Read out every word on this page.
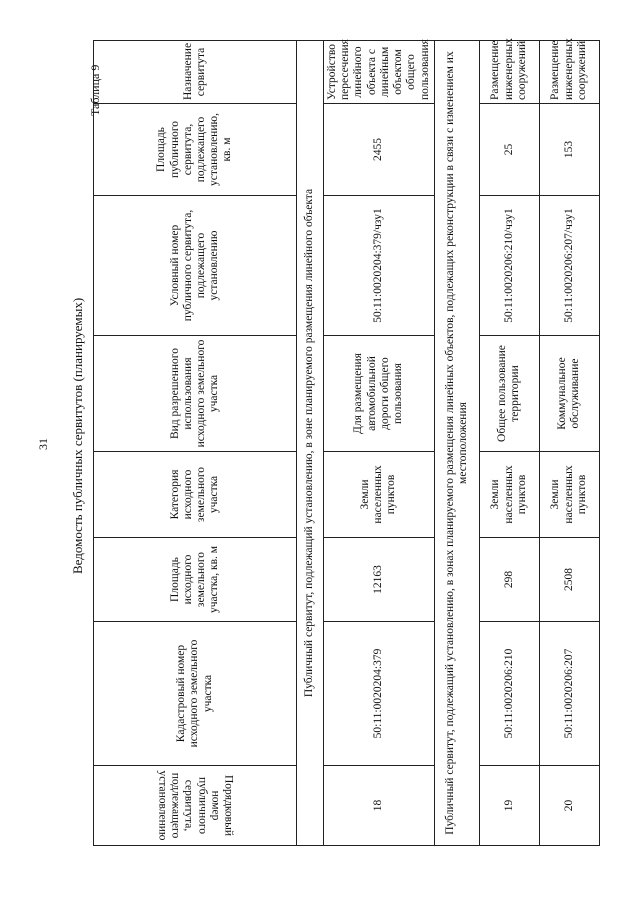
31 Ведомость публичных сервитутов (планируемых)
Таблица 9
Порядковый номер публичного сервитута, подлежащего установлению	Кадастровый номер исходного земельного участка	Площадь исходного земельного участка, кв. м	Категория исходного земельного участка	Вид разрешенного использования исходного земельного участка	Условный номер публичного сервитута, подлежащего установлению	Площадь публичного сервитута, подлежащего установлению, кв. м	Назначение сервитута
Публичный сервитут, подлежащий установлению, в зоне планируемого размещения линейного объекта							
18	50:11:0020204:379	12163	Земли населенных пунктов	Для размещения автомобильной дороги общего пользования	50:11:0020204:379/чзу1	2455	Устройство пересечения линейного объекта с линейным объектом общего пользования
Публичный сервитут, подлежащий установлению, в зонах планируемого размещения линейных объектов, подлежащих реконструкции в связи с изменением их местоположения							
19	50:11:0020206:210	298	Земли населенных пунктов	Общее пользование территории	50:11:0020206:210/чзу1	25	Размещение инженерных сооружений
20	50:11:0020206:207	2508	Земли населенных пунктов	Коммунальное обслуживание	50:11:0020206:207/чзу1	153	Размещение инженерных сооружений
